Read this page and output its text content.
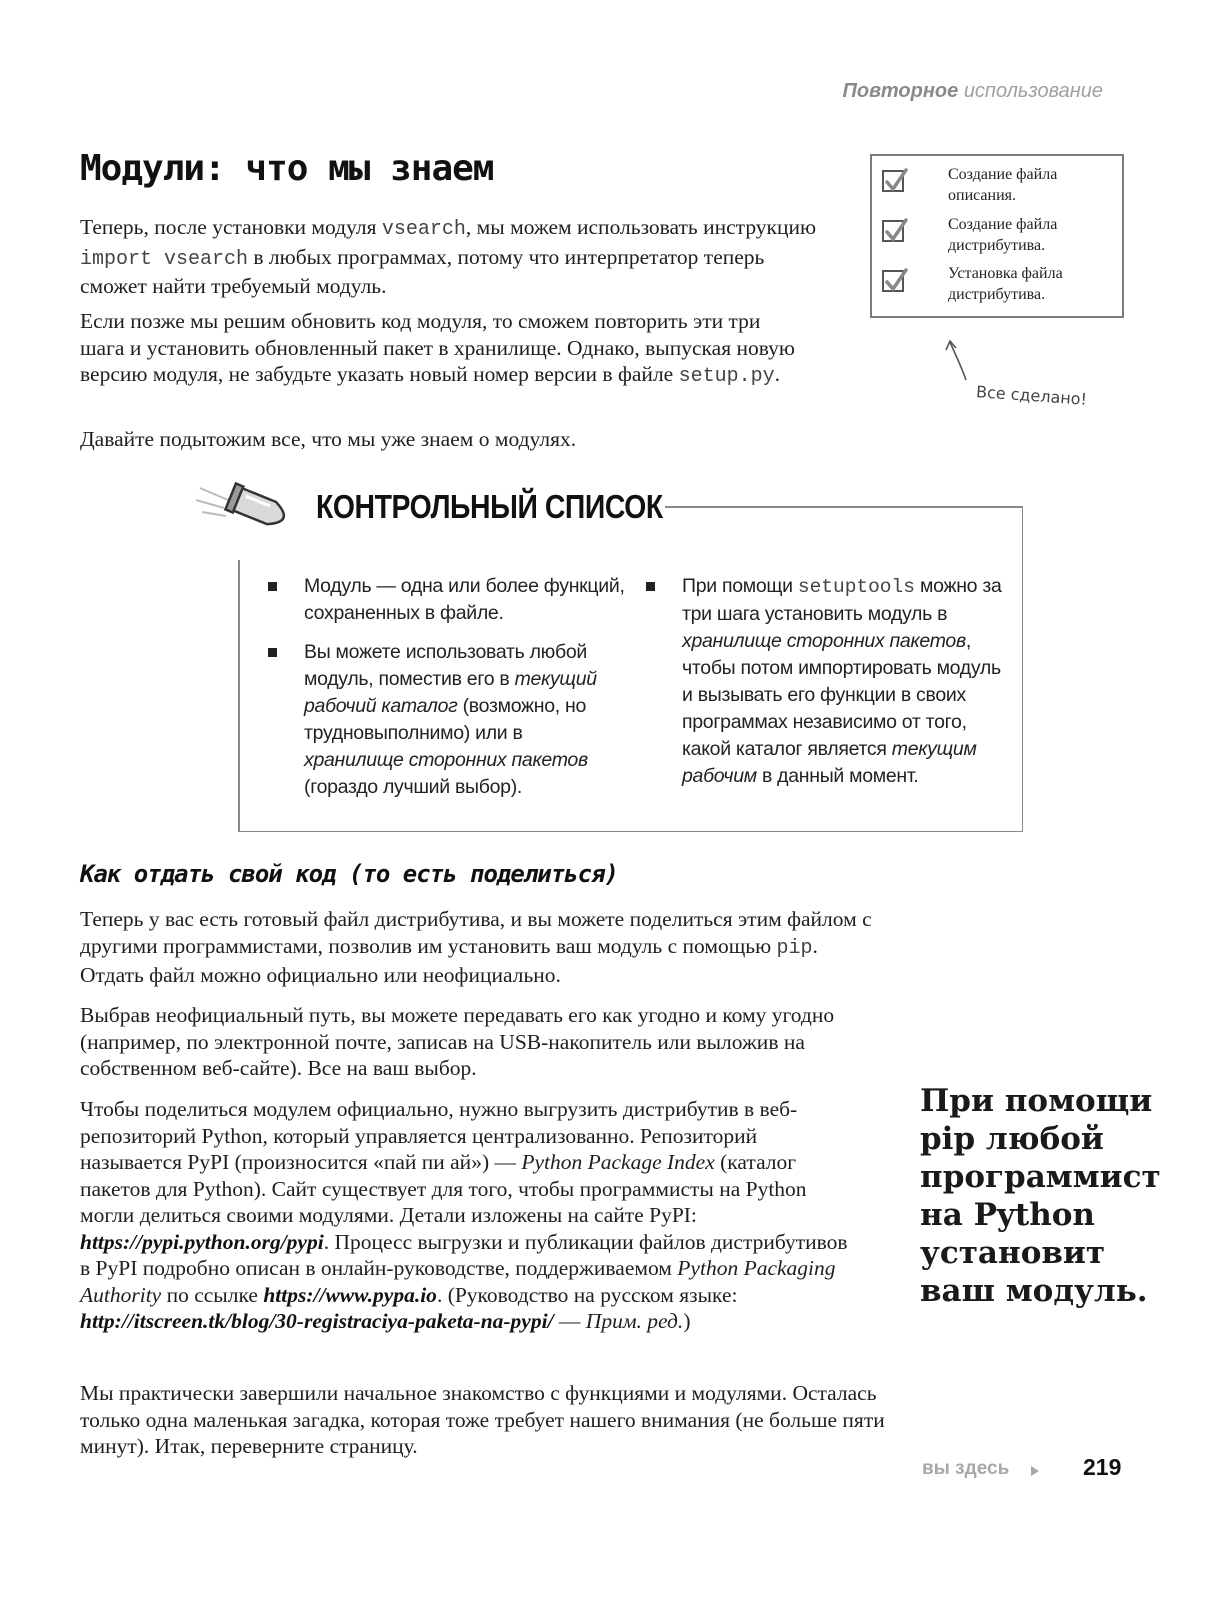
Повторное использование
Модули: что мы знаем

Теперь, после установки модуля vsearch, мы можем использовать инструкцию import vsearch в любых программах, потому что интерпретатор теперь сможет найти требуемый модуль.

Если позже мы решим обновить код модуля, то сможем повторить эти три шага и установить обновленный пакет в хранилище. Однако, выпуская новую версию модуля, не забудьте указать новый номер версии в файле setup.py.

Давайте подытожим все, что мы уже знаем о модулях.

Создание файла описания.
Создание файла дистрибутива.
Установка файла дистрибутива.
Все сделано!
КОНТРОЛЬНЫЙ СПИСОК
Модуль — одна или более функций, сохраненных в файле.
Вы можете использовать любой модуль, поместив его в текущий рабочий каталог (возможно, но трудновыполнимо) или в хранилище сторонних пакетов (гораздо лучший выбор).
При помощи setuptools можно за три шага установить модуль в хранилище сторонних пакетов, чтобы потом импортировать модуль и вызывать его функции в своих программах независимо от того, какой каталог является текущим рабочим в данный момент.
Как отдать свой код (то есть поделиться)

Теперь у вас есть готовый файл дистрибутива, и вы можете поделиться этим файлом с другими программистами, позволив им установить ваш модуль с помощью pip. Отдать файл можно официально или неофициально.

Выбрав неофициальный путь, вы можете передавать его как угодно и кому угодно (например, по электронной почте, записав на USB-накопитель или выложив на собственном веб-сайте). Все на ваш выбор.

Чтобы поделиться модулем официально, нужно выгрузить дистрибутив в веб-репозиторий Python, который управляется централизованно. Репозиторий называется PyPI (произносится «пай пи ай») — Python Package Index (каталог пакетов для Python). Сайт существует для того, чтобы программисты на Python могли делиться своими модулями. Детали изложены на сайте PyPI: https://pypi.python.org/pypi. Процесс выгрузки и публикации файлов дистрибутивов в PyPI подробно описан в онлайн-руководстве, поддерживаемом Python Packaging Authority по ссылке https://www.pypa.io. (Руководство на русском языке: http://itscreen.tk/blog/30-registraciya-paketa-na-pypi/ — Прим. ред.)

Мы практически завершили начальное знакомство с функциями и модулями. Осталась только одна маленькая загадка, которая тоже требует нашего внимания (не больше пяти минут). Итак, переверните страницу.

При помощи pip любой программист на Python установит ваш модуль.
вы здесь	219
